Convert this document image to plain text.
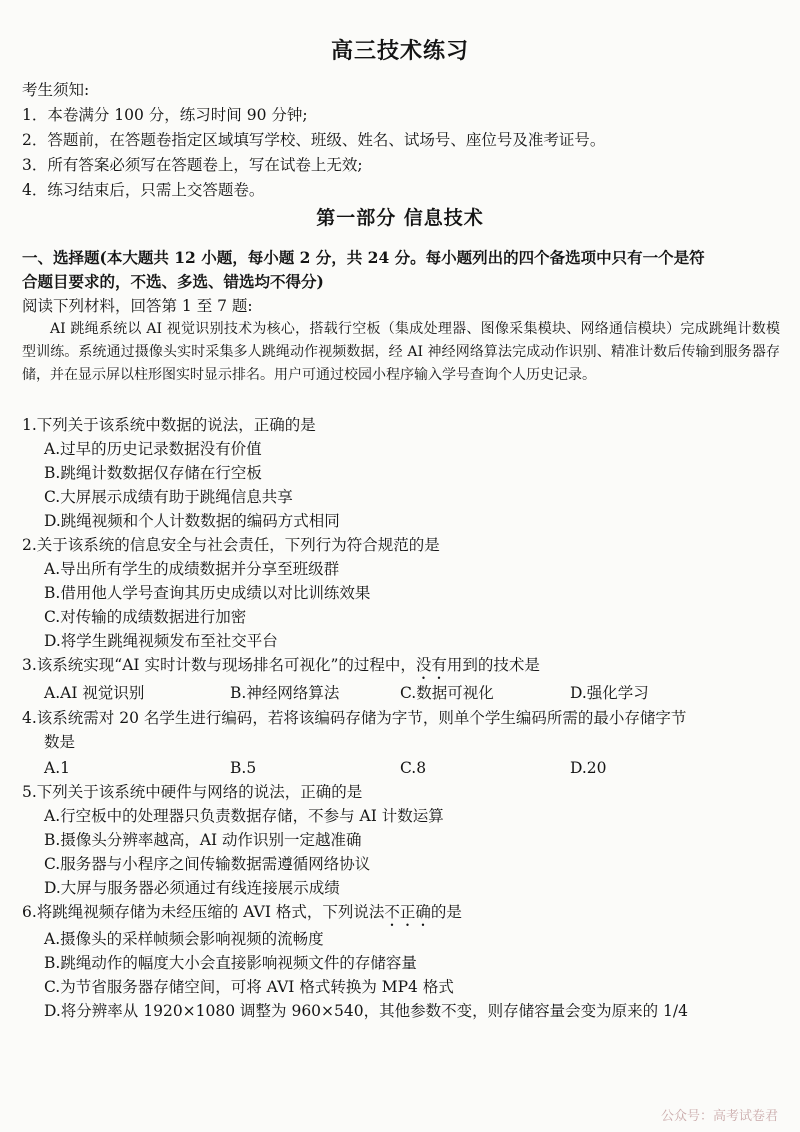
高三技术练习
考生须知:
1．本卷满分 100 分，练习时间 90 分钟;
2．答题前，在答题卷指定区域填写学校、班级、姓名、试场号、座位号及准考证号。
3．所有答案必须写在答题卷上，写在试卷上无效;
4．练习结束后，只需上交答题卷。
第一部分 信息技术
一、选择题(本大题共 12 小题，每小题 2 分，共 24 分。每小题列出的四个备选项中只有一个是符
合题目要求的，不选、多选、错选均不得分)
阅读下列材料，回答第 1 至 7 题:

AI 跳绳系统以 AI 视觉识别技术为核心，搭载行空板（集成处理器、图像采集模块、网络通信模块）完成跳绳计数模型训练。系统通过摄像头实时采集多人跳绳动作视频数据，经 AI 神经网络算法完成动作识别、精准计数后传输到服务器存储，并在显示屏以柱形图实时显示排名。用户可通过校园小程序输入学号查询个人历史记录。

1.下列关于该系统中数据的说法，正确的是
A.过早的历史记录数据没有价值
B.跳绳计数数据仅存储在行空板
C.大屏展示成绩有助于跳绳信息共享
D.跳绳视频和个人计数数据的编码方式相同
2.关于该系统的信息安全与社会责任，下列行为符合规范的是
A.导出所有学生的成绩数据并分享至班级群
B.借用他人学号查询其历史成绩以对比训练效果
C.对传输的成绩数据进行加密
D.将学生跳绳视频发布至社交平台
3.该系统实现“AI 实时计数与现场排名可视化”的过程中，没有用到的技术是
A.AI 视觉识别	B.神经网络算法	C.数据可视化	D.强化学习
4.该系统需对 20 名学生进行编码，若将该编码存储为字节，则单个学生编码所需的最小存储字节
数是
A.1	B.5	C.8	D.20
5.下列关于该系统中硬件与网络的说法，正确的是
A.行空板中的处理器只负责数据存储，不参与 AI 计数运算
B.摄像头分辨率越高，AI 动作识别一定越准确
C.服务器与小程序之间传输数据需遵循网络协议
D.大屏与服务器必须通过有线连接展示成绩
6.将跳绳视频存储为未经压缩的 AVI 格式，下列说法不正确的是
A.摄像头的采样帧频会影响视频的流畅度
B.跳绳动作的幅度大小会直接影响视频文件的存储容量
C.为节省服务器存储空间，可将 AVI 格式转换为 MP4 格式
D.将分辨率从 1920×1080 调整为 960×540，其他参数不变，则存储容量会变为原来的 1/4
公众号：高考试卷君
